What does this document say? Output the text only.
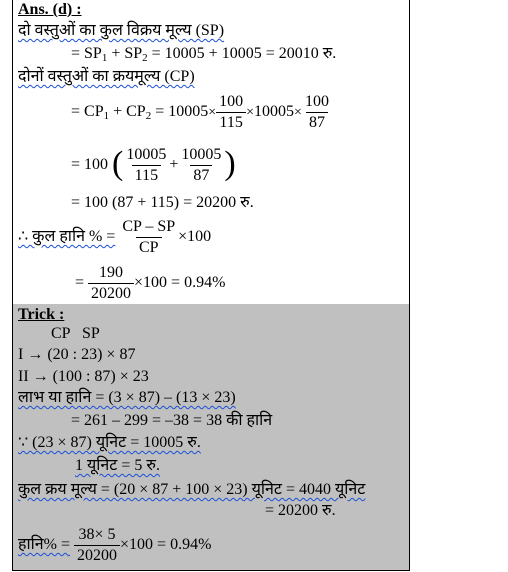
Ans. (d) :
दो वस्तुओं का कुल विक्रय मूल्य (SP)
= $SP_1 + SP_2 = 10005 + 10005 = 20010$ रु.
दोनों वस्तुओं का क्रयमूल्य (CP)
= $CP_1 + CP_2 = 10005\times \frac{100}{115} \times 10005\times \frac{100}{87}$
= 100 ( $\frac{10005}{115} + \frac{10005}{87}$ )
= 100 (87 + 115) = 20200 रु.
∴ कुल हानि % = $\frac{CP - SP}{CP} \times 100$
= $\frac{190}{20200} \times 100 = 0.94\%$
Trick :
CP   SP
I → (20 : 23) × 87
II → (100 : 87) × 23
लाभ या हानि = (3 × 87) – (13 × 23)
= 261 – 299 = –38 = 38 की हानि
∵ (23 × 87) यूनिट = 10005 रु.
1 यूनिट = 5 रु.
कुल क्रय मूल्य = (20 × 87 + 100 × 23) यूनिट = 4040 यूनिट
= 20200 रु.
हानि% = $\frac{38\times 5}{20200} \times 100 = 0.94\%$
